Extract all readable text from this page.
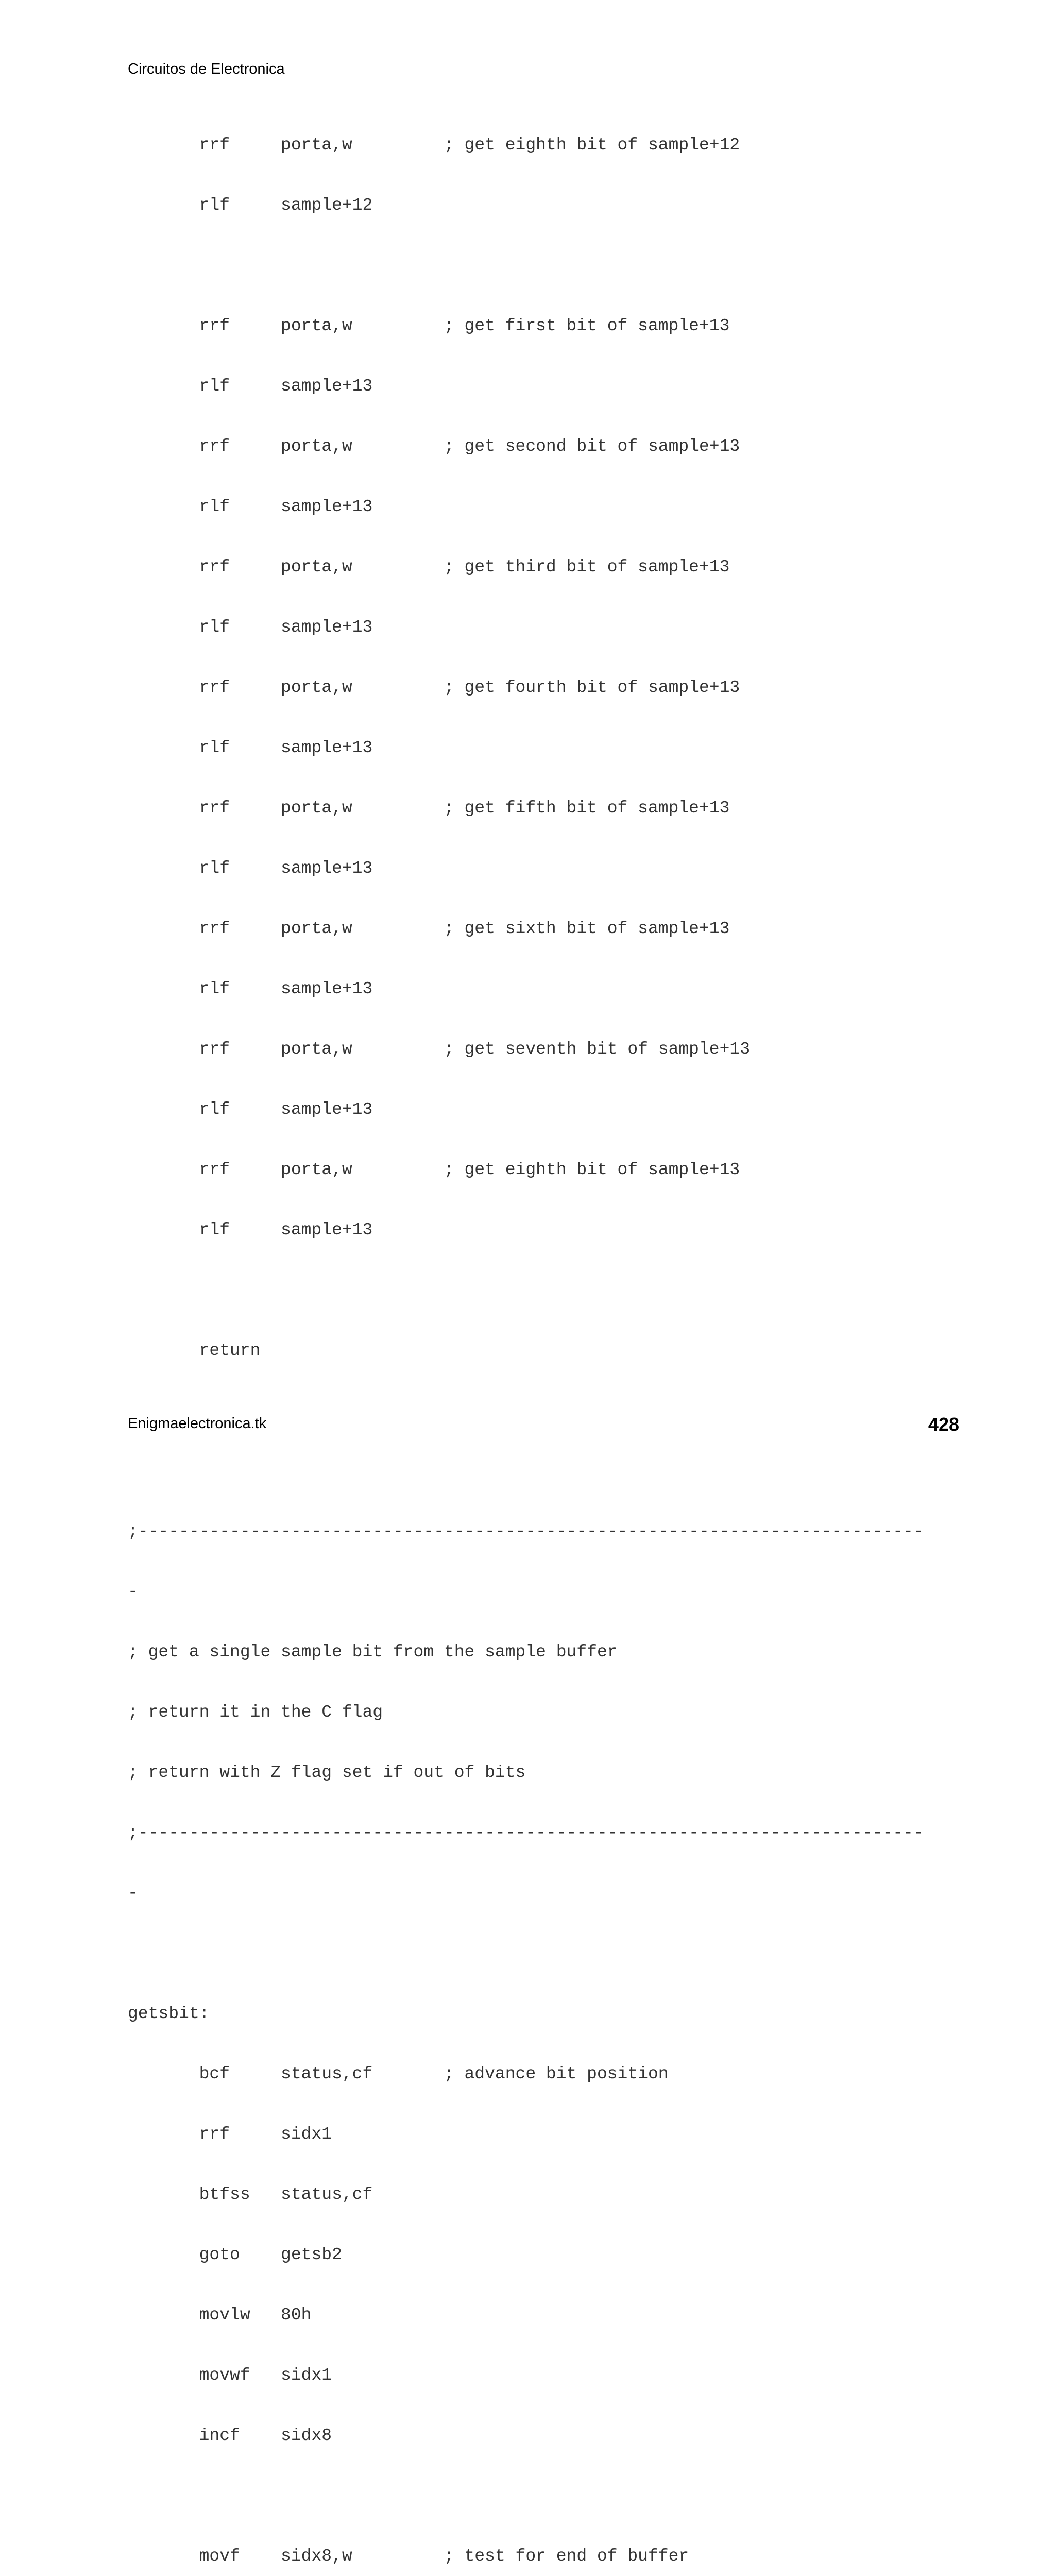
Circuitos de Electronica

rrf     porta,w         ; get eighth bit of sample+12

rlf     sample+12

rrf     porta,w         ; get first bit of sample+13

rlf     sample+13

rrf     porta,w         ; get second bit of sample+13

rlf     sample+13

rrf     porta,w         ; get third bit of sample+13

rlf     sample+13

rrf     porta,w         ; get fourth bit of sample+13

rlf     sample+13

rrf     porta,w         ; get fifth bit of sample+13

rlf     sample+13

rrf     porta,w         ; get sixth bit of sample+13

rlf     sample+13

rrf     porta,w         ; get seventh bit of sample+13

rlf     sample+13

rrf     porta,w         ; get eighth bit of sample+13

rlf     sample+13

return

;-----------------------------------------------------------------------------

-

; get a single sample bit from the sample buffer

; return it in the C flag

; return with Z flag set if out of bits

;-----------------------------------------------------------------------------

-

getsbit:

bcf     status,cf       ; advance bit position

rrf     sidx1

btfss   status,cf

goto    getsb2

movlw   80h

movwf   sidx1

incf    sidx8

movf    sidx8,w         ; test for end of buffer

Enigmaelectronica.tk	428
